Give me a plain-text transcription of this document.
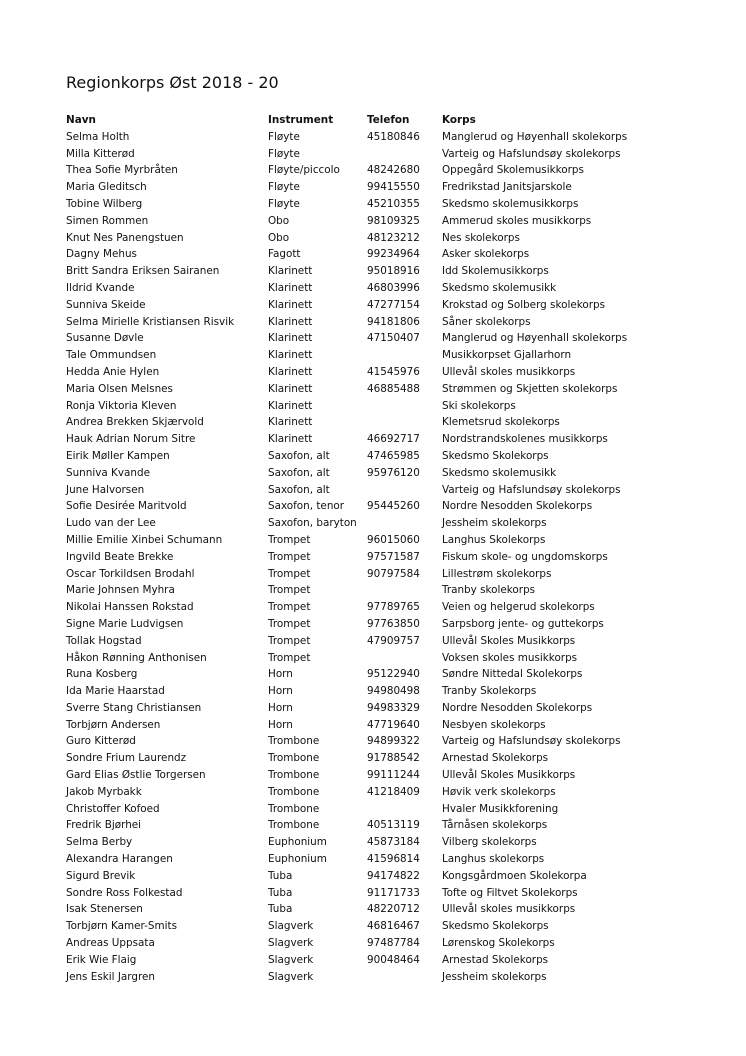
Regionkorps Øst 2018 - 20
Navn	Instrument	Telefon	Korps
Selma Holth	Fløyte	45180846	Manglerud og Høyenhall skolekorps
Milla Kitterød	Fløyte		Varteig og Hafslundsøy skolekorps
Thea Sofie Myrbråten	Fløyte/piccolo	48242680	Oppegård Skolemusikkorps
Maria Gleditsch	Fløyte	99415550	Fredrikstad Janitsjarskole
Tobine Wilberg	Fløyte	45210355	Skedsmo skolemusikkorps
Simen Rommen	Obo	98109325	Ammerud skoles musikkorps
Knut Nes Panengstuen	Obo	48123212	Nes skolekorps
Dagny Mehus	Fagott	99234964	Asker skolekorps
Britt Sandra Eriksen Sairanen	Klarinett	95018916	Idd Skolemusikkorps
Ildrid Kvande	Klarinett	46803996	Skedsmo skolemusikk
Sunniva Skeide	Klarinett	47277154	Krokstad og Solberg skolekorps
Selma Mirielle Kristiansen Risvik	Klarinett	94181806	Såner skolekorps
Susanne Døvle	Klarinett	47150407	Manglerud og Høyenhall skolekorps
Tale Ommundsen	Klarinett		Musikkorpset Gjallarhorn
Hedda Anie Hylen	Klarinett	41545976	Ullevål skoles musikkorps
Maria Olsen Melsnes	Klarinett	46885488	Strømmen og Skjetten skolekorps
Ronja Viktoria Kleven	Klarinett		Ski skolekorps
Andrea Brekken Skjærvold	Klarinett		Klemetsrud skolekorps
Hauk Adrian Norum Sitre	Klarinett	46692717	Nordstrandskolenes musikkorps
Eirik Møller Kampen	Saxofon, alt	47465985	Skedsmo Skolekorps
Sunniva Kvande	Saxofon, alt	95976120	Skedsmo skolemusikk
June Halvorsen	Saxofon, alt		Varteig og Hafslundsøy skolekorps
Sofie Desirée Maritvold	Saxofon, tenor	95445260	Nordre Nesodden Skolekorps
Ludo van der Lee	Saxofon, baryton		Jessheim skolekorps
Millie Emilie Xinbei Schumann	Trompet	96015060	Langhus Skolekorps
Ingvild Beate Brekke	Trompet	97571587	Fiskum skole- og ungdomskorps
Oscar Torkildsen Brodahl	Trompet	90797584	Lillestrøm skolekorps
Marie Johnsen Myhra	Trompet		Tranby skolekorps
Nikolai Hanssen Rokstad	Trompet	97789765	Veien og helgerud skolekorps
Signe Marie Ludvigsen	Trompet	97763850	Sarpsborg jente- og guttekorps
Tollak Hogstad	Trompet	47909757	Ullevål Skoles Musikkorps
Håkon Rønning Anthonisen	Trompet		Voksen skoles musikkorps
Runa Kosberg	Horn	95122940	Søndre Nittedal Skolekorps
Ida Marie Haarstad	Horn	94980498	Tranby Skolekorps
Sverre Stang Christiansen	Horn	94983329	Nordre Nesodden Skolekorps
Torbjørn Andersen	Horn	47719640	Nesbyen skolekorps
Guro Kitterød	Trombone	94899322	Varteig og Hafslundsøy skolekorps
Sondre Frium Laurendz	Trombone	91788542	Arnestad Skolekorps
Gard Elias Østlie Torgersen	Trombone	99111244	Ullevål Skoles Musikkorps
Jakob Myrbakk	Trombone	41218409	Høvik verk skolekorps
Christoffer Kofoed	Trombone		Hvaler Musikkforening
Fredrik Bjørhei	Trombone	40513119	Tårnåsen skolekorps
Selma Berby	Euphonium	45873184	Vilberg skolekorps
Alexandra Harangen	Euphonium	41596814	Langhus skolekorps
Sigurd Brevik	Tuba	94174822	Kongsgårdmoen Skolekorpa
Sondre Ross Folkestad	Tuba	91171733	Tofte og Filtvet Skolekorps
Isak Stenersen	Tuba	48220712	Ullevål skoles musikkorps
Torbjørn Kamer-Smits	Slagverk	46816467	Skedsmo Skolekorps
Andreas Uppsata	Slagverk	97487784	Lørenskog Skolekorps
Erik Wie Flaig	Slagverk	90048464	Arnestad Skolekorps
Jens Eskil Jargren	Slagverk		Jessheim skolekorps
